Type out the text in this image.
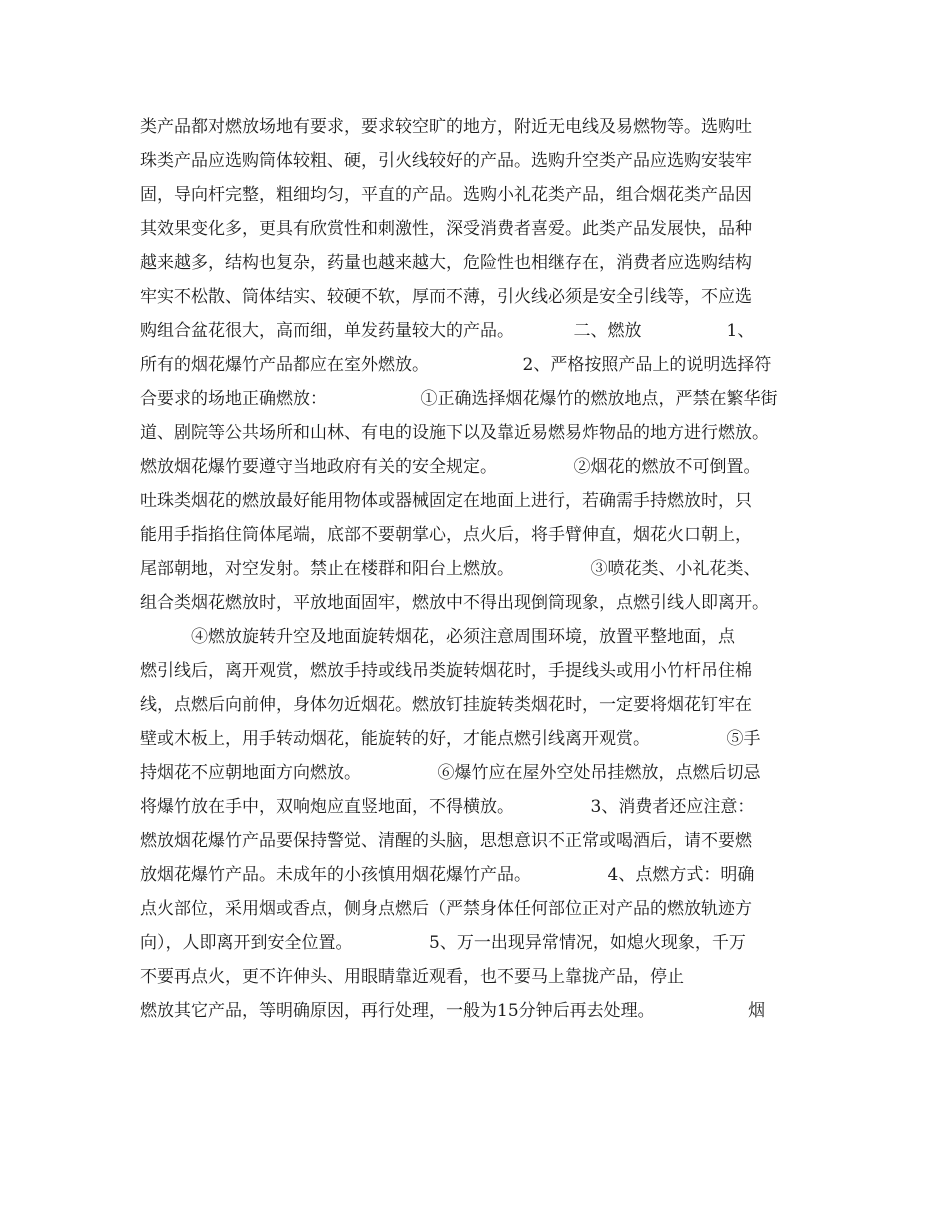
类产品都对燃放场地有要求，要求较空旷的地方，附近无电线及易燃物等。选购吐
珠类产品应选购筒体较粗、硬，引火线较好的产品。选购升空类产品应选购安装牢
固，导向杆完整，粗细均匀，平直的产品。选购小礼花类产品，组合烟花类产品因
其效果变化多，更具有欣赏性和刺激性，深受消费者喜爱。此类产品发展快，品种
越来越多，结构也复杂，药量也越来越大，危险性也相继存在，消费者应选购结构
牢实不松散、筒体结实、较硬不软，厚而不薄，引火线必须是安全引线等，不应选
购组合盆花很大，高而细，单发药量较大的产品。　　　　二、燃放　　　　　1、
所有的烟花爆竹产品都应在室外燃放。　　　　　　2、严格按照产品上的说明选择符
合要求的场地正确燃放：　　　　　　①正确选择烟花爆竹的燃放地点，严禁在繁华街
道、剧院等公共场所和山林、有电的设施下以及靠近易燃易炸物品的地方进行燃放。
燃放烟花爆竹要遵守当地政府有关的安全规定。　　　　　②烟花的燃放不可倒置。
吐珠类烟花的燃放最好能用物体或器械固定在地面上进行，若确需手持燃放时，只
能用手指掐住筒体尾端，底部不要朝掌心，点火后，将手臂伸直，烟花火口朝上，
尾部朝地，对空发射。禁止在楼群和阳台上燃放。　　　　　③喷花类、小礼花类、
组合类烟花燃放时，平放地面固牢，燃放中不得出现倒筒现象，点燃引线人即离开。
　　　④燃放旋转升空及地面旋转烟花，必须注意周围环境，放置平整地面，点
燃引线后，离开观赏，燃放手持或线吊类旋转烟花时，手提线头或用小竹杆吊住棉
线，点燃后向前伸，身体勿近烟花。燃放钉挂旋转类烟花时，一定要将烟花钉牢在
壁或木板上，用手转动烟花，能旋转的好，才能点燃引线离开观赏。　　　　　⑤手
持烟花不应朝地面方向燃放。　　　　　⑥爆竹应在屋外空处吊挂燃放，点燃后切忌
将爆竹放在手中，双响炮应直竖地面，不得横放。　　　　　3、消费者还应注意：
燃放烟花爆竹产品要保持警觉、清醒的头脑，思想意识不正常或喝酒后，请不要燃
放烟花爆竹产品。未成年的小孩慎用烟花爆竹产品。　　　　　4、点燃方式：明确
点火部位，采用烟或香点，侧身点燃后（严禁身体任何部位正对产品的燃放轨迹方
向），人即离开到安全位置。　　　　　5、万一出现异常情况，如熄火现象，千万
不要再点火，更不许伸头、用眼睛靠近观看，也不要马上靠拢产品，停止
燃放其它产品，等明确原因，再行处理，一般为15分钟后再去处理。　　　　　　烟
